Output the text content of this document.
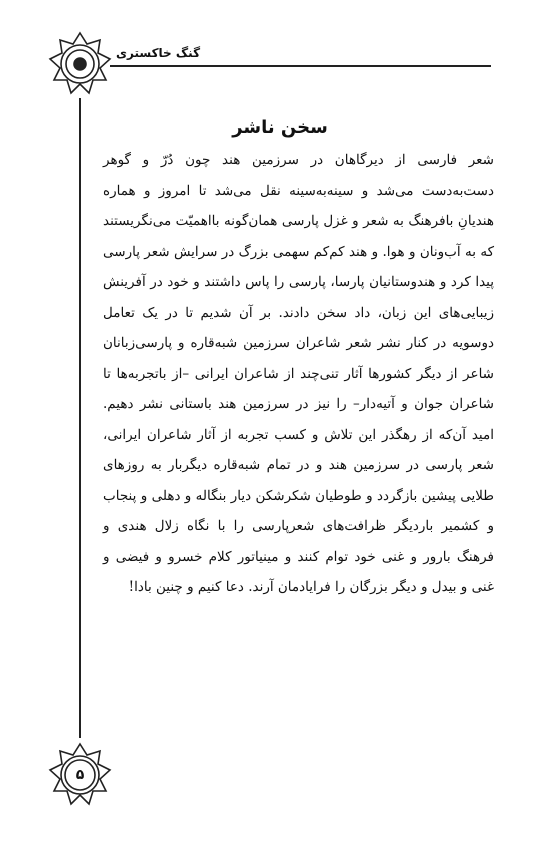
گنگ خاکستری
سخن ناشر
شعر فارسی از دیرگاهان در سرزمین هند چون دُرّ و گوهر دست‌به‌دست می‌شد و سینه‌به‌سینه نقل می‌شد تا امروز و هماره هندیانِ بافرهنگ به شعر و غزل پارسی همان‌گونه بااهمیّت می‌نگریستند که به آب‌ونان و هوا. و هند کم‌کم سهمی بزرگ در سرایش شعر پارسی پیدا کرد و هندوستانیان پارسا، پارسی را پاس داشتند و خود در آفرینش زیبایی‌های این زبان، داد سخن دادند. بر آن شدیم تا در یک تعامل دوسویه در کنار نشر شعر شاعران سرزمین شبه‌قاره و پارسی‌زبانان شاعر از دیگر کشورها آثار تنی‌چند از شاعران ایرانی –از باتجربه‌ها تا شاعران جوان و آتیه‌دار– را نیز در سرزمین هند باستانی نشر دهیم. امید آن‌که از رهگذر این تلاش و کسب تجربه از آثار شاعران ایرانی، شعر پارسی در سرزمین هند و در تمام شبه‌قاره دیگربار به روزهای طلایی پیشین بازگردد و طوطیان شکرشکن دیار بنگاله و دهلی و پنجاب و کشمیر باردیگر ظرافت‌های شعرپارسی را با نگاه زلال هندی و فرهنگ بارور و غنی خود توام کنند و مینیاتور کلام خسرو و فیضی و غنی و بیدل و دیگر بزرگان را فرایادمان آرند. دعا کنیم و چنین بادا!
۵
